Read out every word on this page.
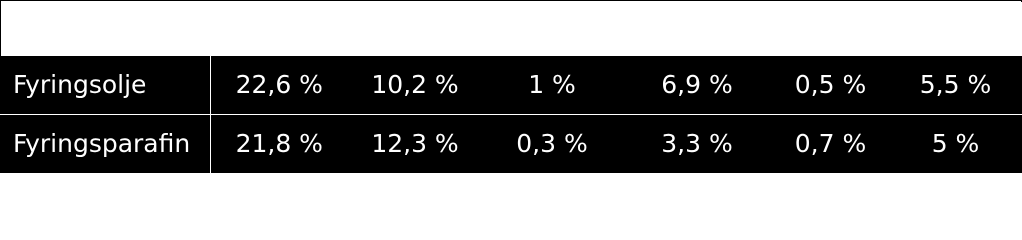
Fyringsolje	22,6 %	10,2 %	1 %	6,9 %	0,5 %	5,5 %
Fyringsparafin	21,8 %	12,3 %	0,3 %	3,3 %	0,7 %	5 %
